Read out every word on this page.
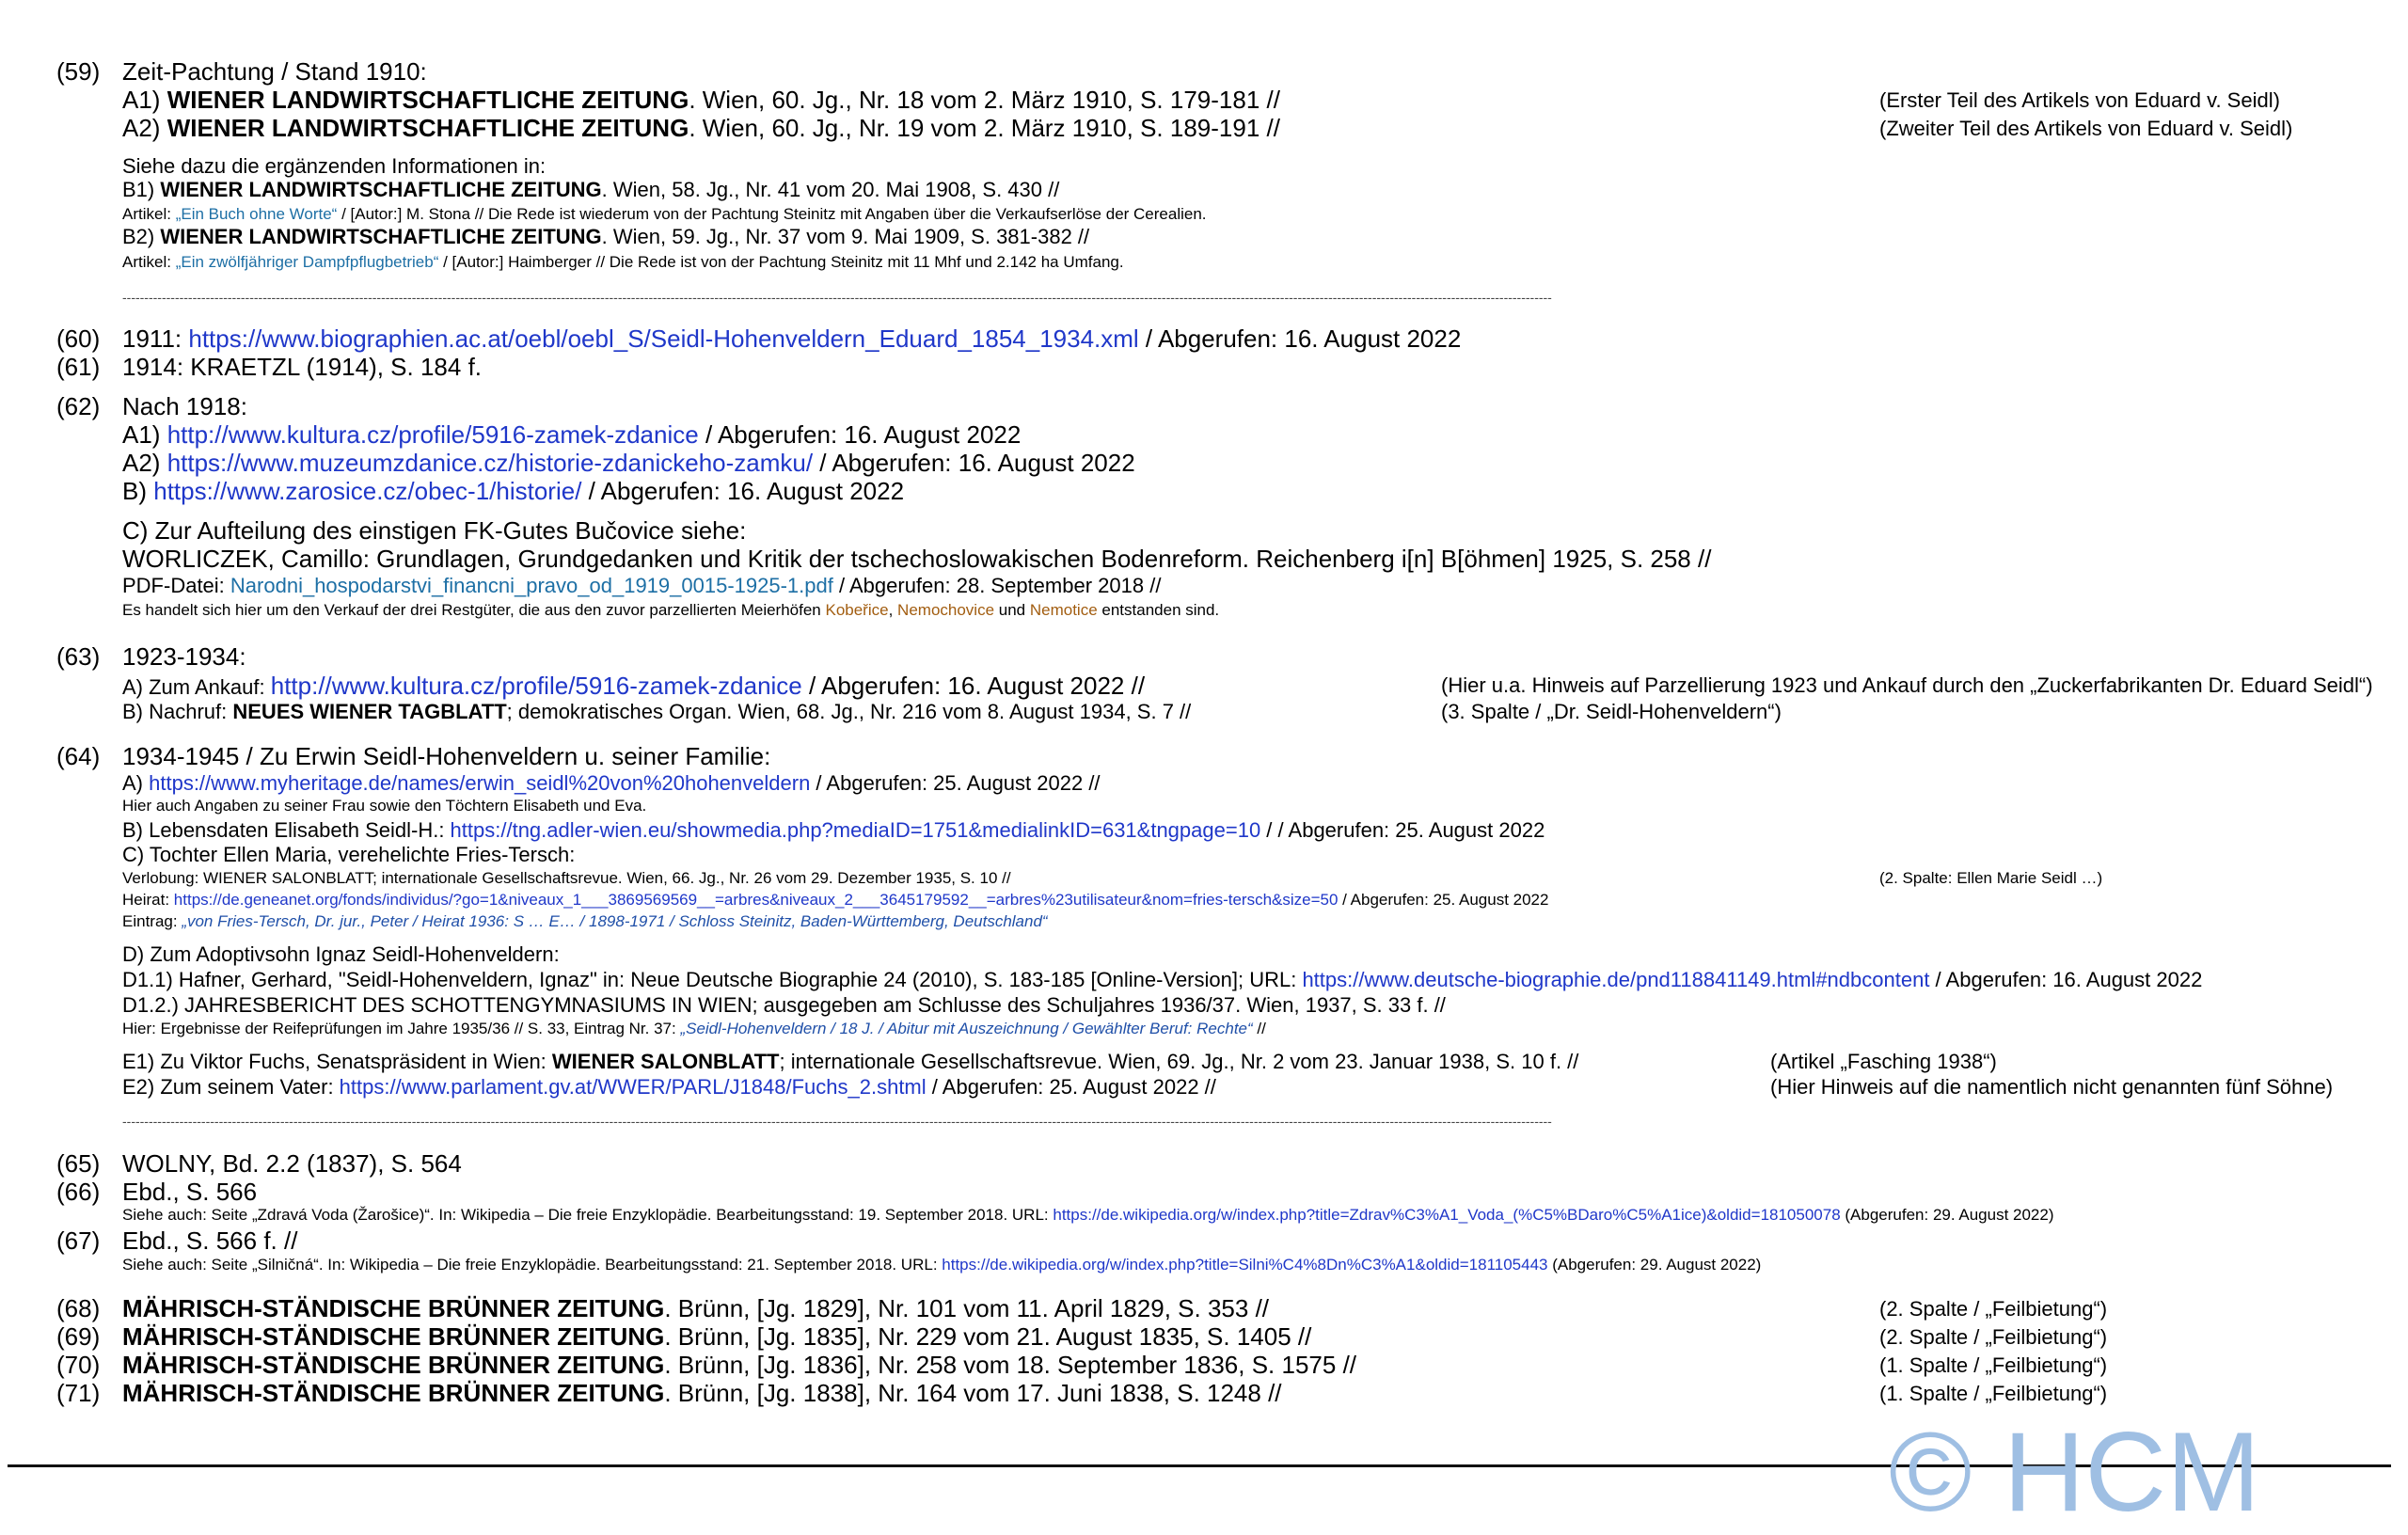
(59) Zeit-Pachtung / Stand 1910:
A1) WIENER LANDWIRTSCHAFTLICHE ZEITUNG. Wien, 60. Jg., Nr. 18 vom 2. März 1910, S. 179-181 //	(Erster Teil des Artikels von Eduard v. Seidl)
A2) WIENER LANDWIRTSCHAFTLICHE ZEITUNG. Wien, 60. Jg., Nr. 19 vom 2. März 1910, S. 189-191 //	(Zweiter Teil des Artikels von Eduard v. Seidl)
Siehe dazu die ergänzenden Informationen in:
B1) WIENER LANDWIRTSCHAFTLICHE ZEITUNG. Wien, 58. Jg., Nr. 41 vom 20. Mai 1908, S. 430 //
Artikel: „Ein Buch ohne Worte“ / [Autor:] M. Stona // Die Rede ist wiederum von der Pachtung Steinitz mit Angaben über die Verkaufserlöse der Cerealien.
B2) WIENER LANDWIRTSCHAFTLICHE ZEITUNG. Wien, 59. Jg., Nr. 37 vom 9. Mai 1909, S. 381-382 //
Artikel: „Ein zwölfjähriger Dampfpflugbetrieb“ / [Autor:] Haimberger // Die Rede ist von der Pachtung Steinitz mit 11 Mhf und 2.142 ha Umfang.
--------------------------------------------------------------------------------------------------------------------------------------------------------------------------------------------------------------------------------------------------------------------------------------------------------------------------------------
(60) 1911: https://www.biographien.ac.at/oebl/oebl_S/Seidl-Hohenveldern_Eduard_1854_1934.xml / Abgerufen: 16. August 2022
(61) 1914: KRAETZL (1914), S. 184 f.
(62) Nach 1918:
A1) http://www.kultura.cz/profile/5916-zamek-zdanice / Abgerufen: 16. August 2022
A2) https://www.muzeumzdanice.cz/historie-zdanickeho-zamku/ / Abgerufen: 16. August 2022
B) https://www.zarosice.cz/obec-1/historie/ / Abgerufen: 16. August 2022
C) Zur Aufteilung des einstigen FK-Gutes Bučovice siehe:
WORLICZEK, Camillo: Grundlagen, Grundgedanken und Kritik der tschechoslowakischen Bodenreform. Reichenberg i[n] B[öhmen] 1925, S. 258 //
PDF-Datei: Narodni_hospodarstvi_financni_pravo_od_1919_0015-1925-1.pdf / Abgerufen: 28. September 2018 //
Es handelt sich hier um den Verkauf der drei Restgüter, die aus den zuvor parzellierten Meierhöfen Kobeřice, Nemochovice und Nemotice entstanden sind.
(63) 1923-1934:
A) Zum Ankauf: http://www.kultura.cz/profile/5916-zamek-zdanice / Abgerufen: 16. August 2022 //	(Hier u.a. Hinweis auf Parzellierung 1923 und Ankauf durch den „Zuckerfabrikanten Dr. Eduard Seidl“)
B) Nachruf: NEUES WIENER TAGBLATT; demokratisches Organ. Wien, 68. Jg., Nr. 216 vom 8. August 1934, S. 7 //	(3. Spalte / „Dr. Seidl-Hohenveldern“)
(64) 1934-1945 / Zu Erwin Seidl-Hohenveldern u. seiner Familie:
A) https://www.myheritage.de/names/erwin_seidl%20von%20hohenveldern / Abgerufen: 25. August 2022 //
Hier auch Angaben zu seiner Frau sowie den Töchtern Elisabeth und Eva.
B) Lebensdaten Elisabeth Seidl-H.: https://tng.adler-wien.eu/showmedia.php?mediaID=1751&medialinkID=631&tngpage=10 / / Abgerufen: 25. August 2022
C) Tochter Ellen Maria, verehelichte Fries-Tersch:
Verlobung: WIENER SALONBLATT; internationale Gesellschaftsrevue. Wien, 66. Jg., Nr. 26 vom 29. Dezember 1935, S. 10 //	(2. Spalte: Ellen Marie Seidl …)
Heirat: https://de.geneanet.org/fonds/individus/?go=1&niveaux_1___3869569569__=arbres&niveaux_2___3645179592__=arbres%23utilisateur&nom=fries-tersch&size=50 / Abgerufen: 25. August 2022
Eintrag: „von Fries-Tersch, Dr. jur., Peter / Heirat 1936: S … E… / 1898-1971 / Schloss Steinitz, Baden-Württemberg, Deutschland“
D) Zum Adoptivsohn Ignaz Seidl-Hohenveldern:
D1.1) Hafner, Gerhard, "Seidl-Hohenveldern, Ignaz" in: Neue Deutsche Biographie 24 (2010), S. 183-185 [Online-Version]; URL: https://www.deutsche-biographie.de/pnd118841149.html#ndbcontent / Abgerufen: 16. August 2022
D1.2.) JAHRESBERICHT DES SCHOTTENGYMNASIUMS IN WIEN; ausgegeben am Schlusse des Schuljahres 1936/37. Wien, 1937, S. 33 f. //
Hier: Ergebnisse der Reifeprüfungen im Jahre 1935/36 // S. 33, Eintrag Nr. 37: „Seidl-Hohenveldern / 18 J. / Abitur mit Auszeichnung / Gewählter Beruf: Rechte“ //
E1) Zu Viktor Fuchs, Senatspräsident in Wien: WIENER SALONBLATT; internationale Gesellschaftsrevue. Wien, 69. Jg., Nr. 2 vom 23. Januar 1938, S. 10 f. //	(Artikel „Fasching 1938“)
E2) Zum seinem Vater: https://www.parlament.gv.at/WWER/PARL/J1848/Fuchs_2.shtml / Abgerufen: 25. August 2022 //	(Hier Hinweis auf die namentlich nicht genannten fünf Söhne)
--------------------------------------------------------------------------------------------------------------------------------------------------------------------------------------------------------------------------------------------------------------------------------------------------------------------------------------
(65) WOLNY, Bd. 2.2 (1837), S. 564
(66) Ebd., S. 566
Siehe auch: Seite „Zdravá Voda (Žarošice)“. In: Wikipedia – Die freie Enzyklopädie. Bearbeitungsstand: 19. September 2018. URL: https://de.wikipedia.org/w/index.php?title=Zdrav%C3%A1_Voda_(%C5%BDaro%C5%A1ice)&oldid=181050078 (Abgerufen: 29. August 2022)
(67) Ebd., S. 566 f. //
Siehe auch: Seite „Silničná“. In: Wikipedia – Die freie Enzyklopädie. Bearbeitungsstand: 21. September 2018. URL: https://de.wikipedia.org/w/index.php?title=Silni%C4%8Dn%C3%A1&oldid=181105443 (Abgerufen: 29. August 2022)
(68) MÄHRISCH-STÄNDISCHE BRÜNNER ZEITUNG. Brünn, [Jg. 1829], Nr. 101 vom 11. April 1829, S. 353 //	(2. Spalte / „Feilbietung“)
(69) MÄHRISCH-STÄNDISCHE BRÜNNER ZEITUNG. Brünn, [Jg. 1835], Nr. 229 vom 21. August 1835, S. 1405 //	(2. Spalte / „Feilbietung“)
(70) MÄHRISCH-STÄNDISCHE BRÜNNER ZEITUNG. Brünn, [Jg. 1836], Nr. 258 vom 18. September 1836, S. 1575 //	(1. Spalte / „Feilbietung“)
(71) MÄHRISCH-STÄNDISCHE BRÜNNER ZEITUNG. Brünn, [Jg. 1838], Nr. 164 vom 17. Juni 1838, S. 1248 //	(1. Spalte / „Feilbietung“)
© HCM
